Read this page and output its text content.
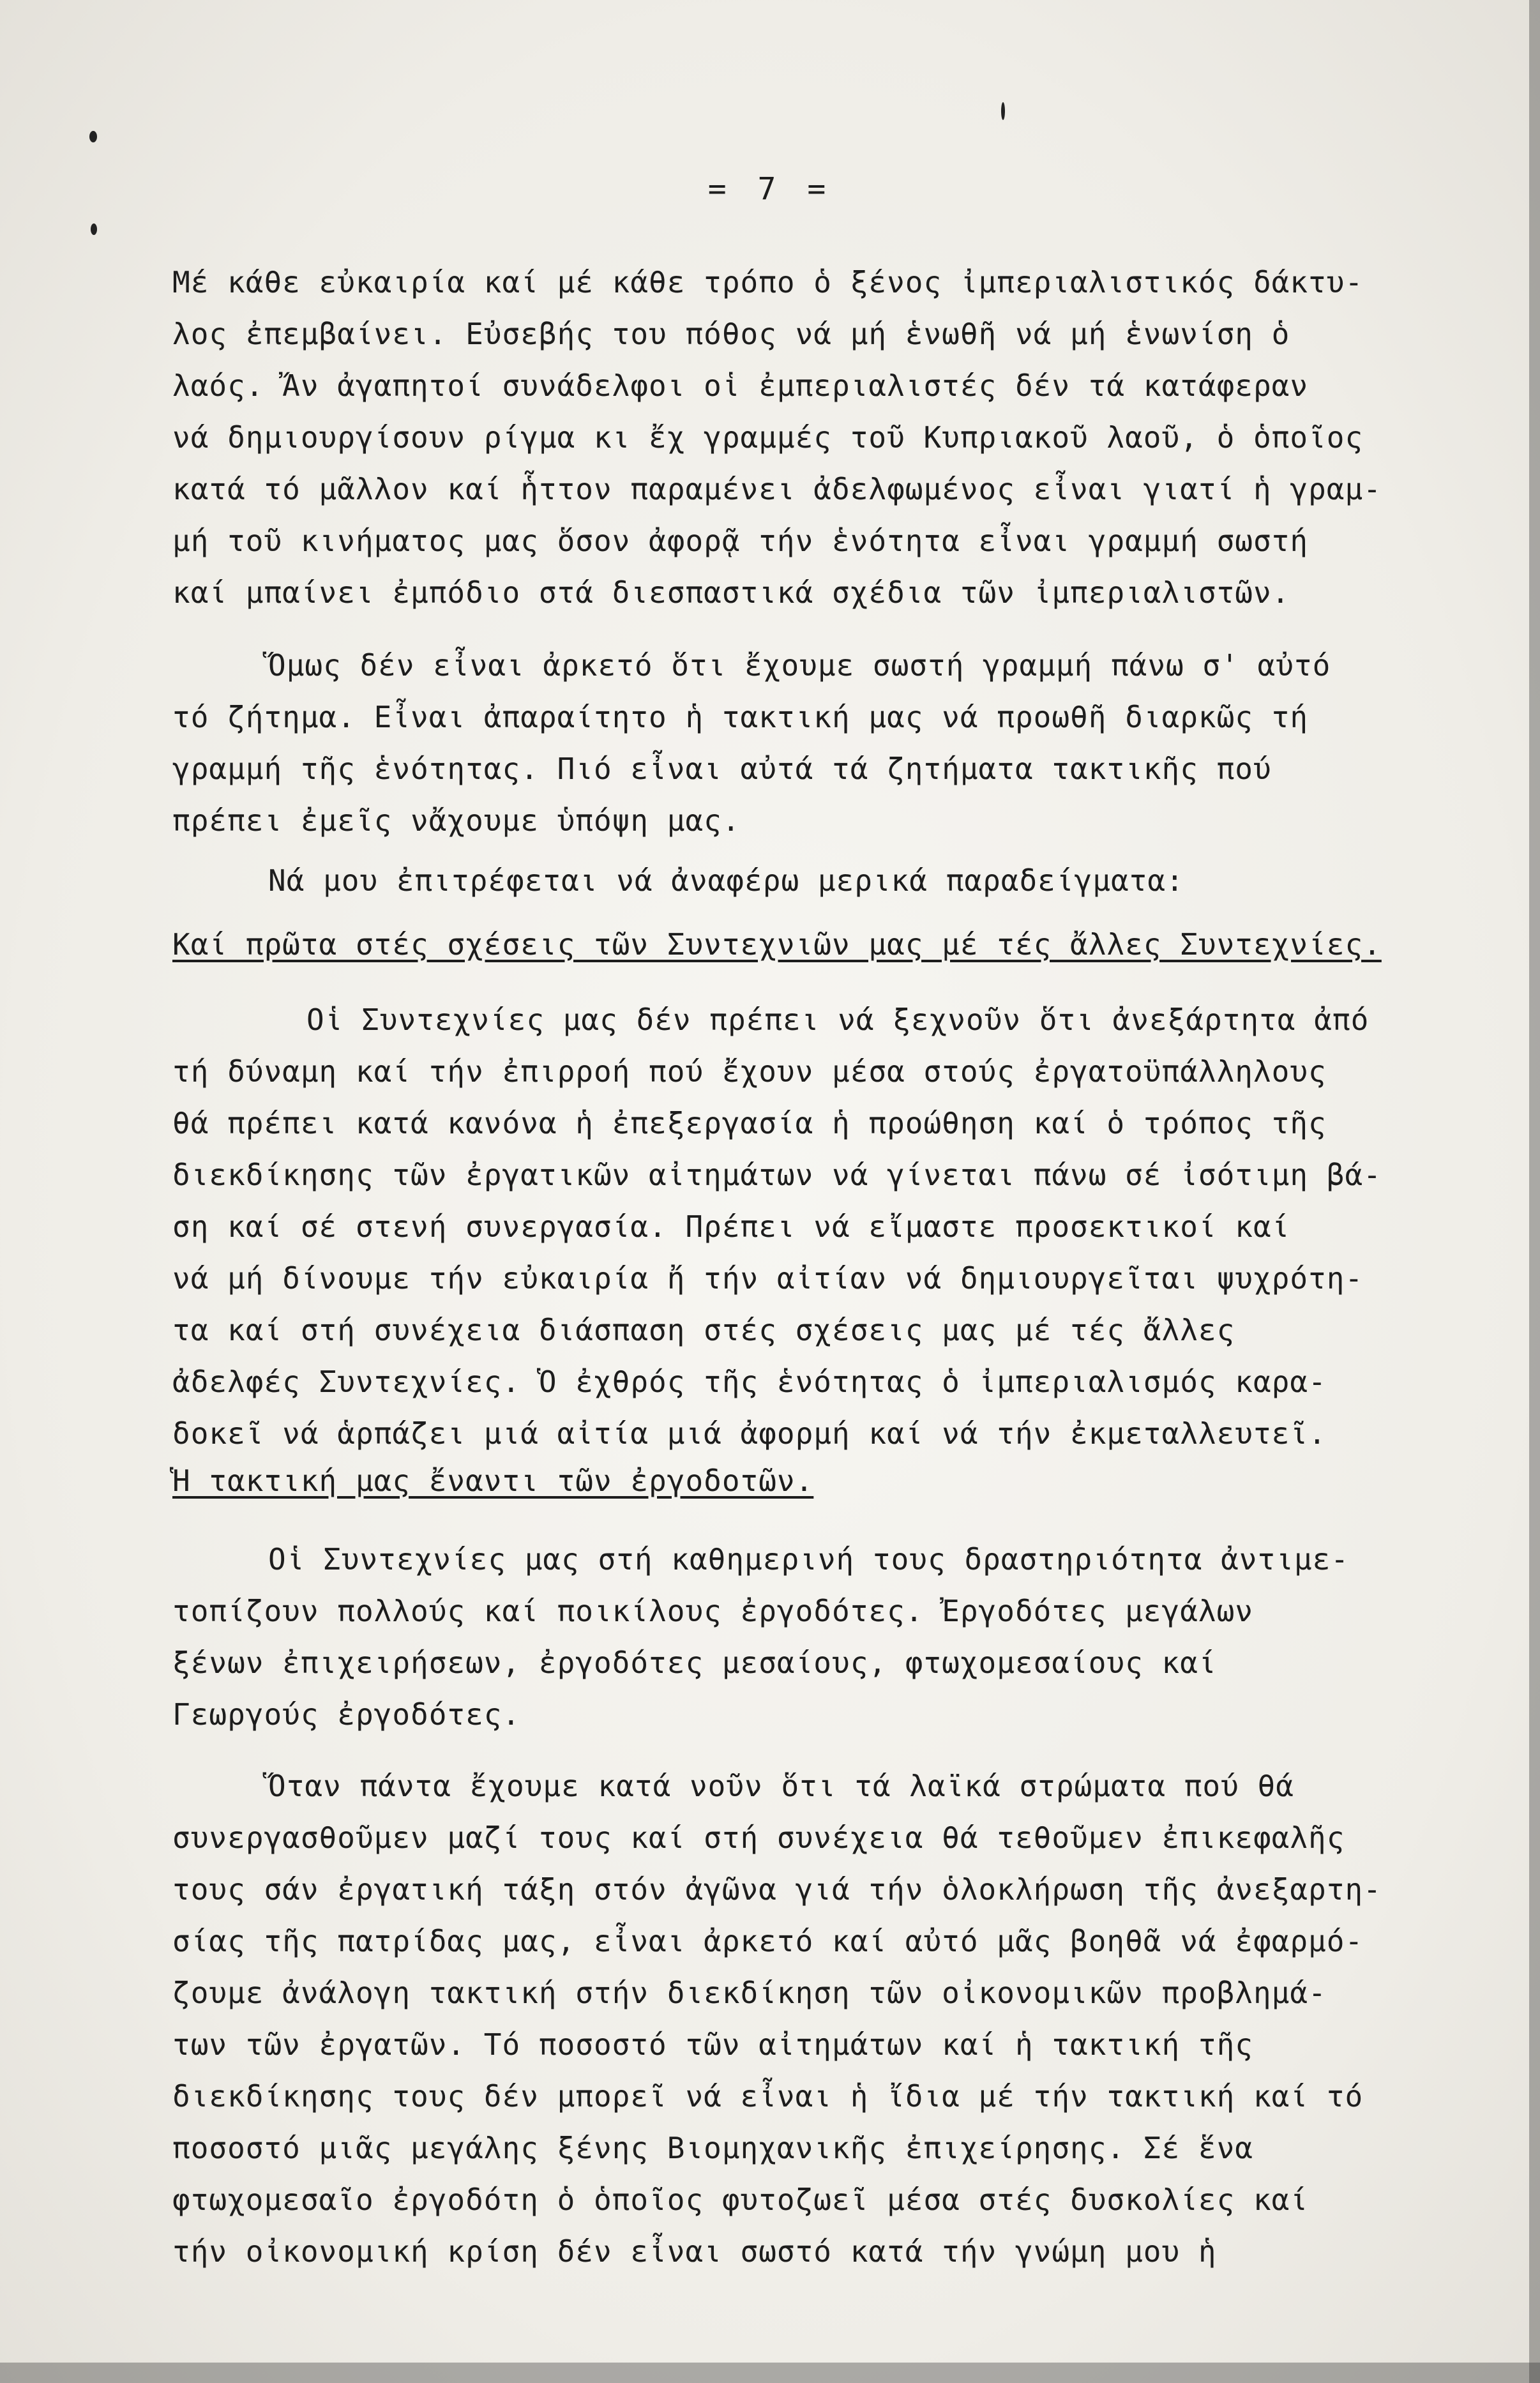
= 7 =
Μέ κάθε εὐκαιρία καί μέ κάθε τρόπο ὁ ξένος ἰμπεριαλιστικός δάκτυ-
λος ἐπεμβαίνει. Εὐσεβής του πόθος νά μή ἑνωθῆ νά μή ἑνωνίση ὁ
λαός. Ἄν ἀγαπητοί συνάδελφοι οἱ ἐμπεριαλιστές δέν τά κατάφεραν
νά δημιουργίσουν ρίγμα κι ἔχ γραμμές τοῦ Κυπριακοῦ λαοῦ, ὁ ὁποῖος
κατά τό μᾶλλον καί ἧττον παραμένει ἀδελφωμένος εἶναι γιατί ἡ γραμ-
μή τοῦ κινήματος μας ὅσον ἀφορᾷ τήν ἑνότητα εἶναι γραμμή σωστή
καί μπαίνει ἐμπόδιο στά διεσπαστικά σχέδια τῶν ἰμπεριαλιστῶν.
Ὅμως δέν εἶναι ἀρκετό ὅτι ἔχουμε σωστή γραμμή πάνω σ' αὐτό
τό ζήτημα. Εἶναι ἀπαραίτητο ἡ τακτική μας νά προωθῆ διαρκῶς τή
γραμμή τῆς ἑνότητας. Πιό εἶναι αὐτά τά ζητήματα τακτικῆς πού
πρέπει ἐμεῖς νἄχουμε ὑπόψη μας.
Νά μου ἐπιτρέφεται νά ἀναφέρω μερικά παραδείγματα:
Καί πρῶτα στές σχέσεις τῶν Συντεχνιῶν μας μέ τές ἄλλες Συντεχνίες.
Οἱ Συντεχνίες μας δέν πρέπει νά ξεχνοῦν ὅτι ἀνεξάρτητα ἀπό
τή δύναμη καί τήν ἐπιρροή πού ἔχουν μέσα στούς ἐργατοϋπάλληλους
θά πρέπει κατά κανόνα ἡ ἐπεξεργασία ἡ προώθηση καί ὁ τρόπος τῆς
διεκδίκησης τῶν ἐργατικῶν αἰτημάτων νά γίνεται πάνω σέ ἰσότιμη βά-
ση καί σέ στενή συνεργασία. Πρέπει νά εἴμαστε προσεκτικοί καί
νά μή δίνουμε τήν εὐκαιρία ἤ τήν αἰτίαν νά δημιουργεῖται ψυχρότη-
τα καί στή συνέχεια διάσπαση στές σχέσεις μας μέ τές ἄλλες
ἀδελφές Συντεχνίες. Ὁ ἐχθρός τῆς ἑνότητας ὁ ἰμπεριαλισμός καρα-
δοκεῖ νά ἁρπάζει μιά αἰτία μιά ἀφορμή καί νά τήν ἐκμεταλλευτεῖ.
Ἡ τακτική μας ἔναντι τῶν ἐργοδοτῶν.
Οἱ Συντεχνίες μας στή καθημερινή τους δραστηριότητα ἀντιμε-
τοπίζουν πολλούς καί ποικίλους ἐργοδότες. Ἐργοδότες μεγάλων
ξένων ἐπιχειρήσεων, ἐργοδότες μεσαίους, φτωχομεσαίους καί
Γεωργούς ἐργοδότες.
Ὅταν πάντα ἔχουμε κατά νοῦν ὅτι τά λαϊκά στρώματα πού θά
συνεργασθοῦμεν μαζί τους καί στή συνέχεια θά τεθοῦμεν ἐπικεφαλῆς
τους σάν ἐργατική τάξη στόν ἀγῶνα γιά τήν ὁλοκλήρωση τῆς ἀνεξαρτη-
σίας τῆς πατρίδας μας, εἶναι ἀρκετό καί αὐτό μᾶς βοηθᾶ νά ἐφαρμό-
ζουμε ἀνάλογη τακτική στήν διεκδίκηση τῶν οἰκονομικῶν προβλημά-
των τῶν ἐργατῶν. Τό ποσοστό τῶν αἰτημάτων καί ἡ τακτική τῆς
διεκδίκησης τους δέν μπορεῖ νά εἶναι ἡ ἴδια μέ τήν τακτική καί τό
ποσοστό μιᾶς μεγάλης ξένης Βιομηχανικῆς ἐπιχείρησης. Σέ ἕνα
φτωχομεσαῖο ἐργοδότη ὁ ὁποῖος φυτοζωεῖ μέσα στές δυσκολίες καί
τήν οἰκονομική κρίση δέν εἶναι σωστό κατά τήν γνώμη μου ἡ
